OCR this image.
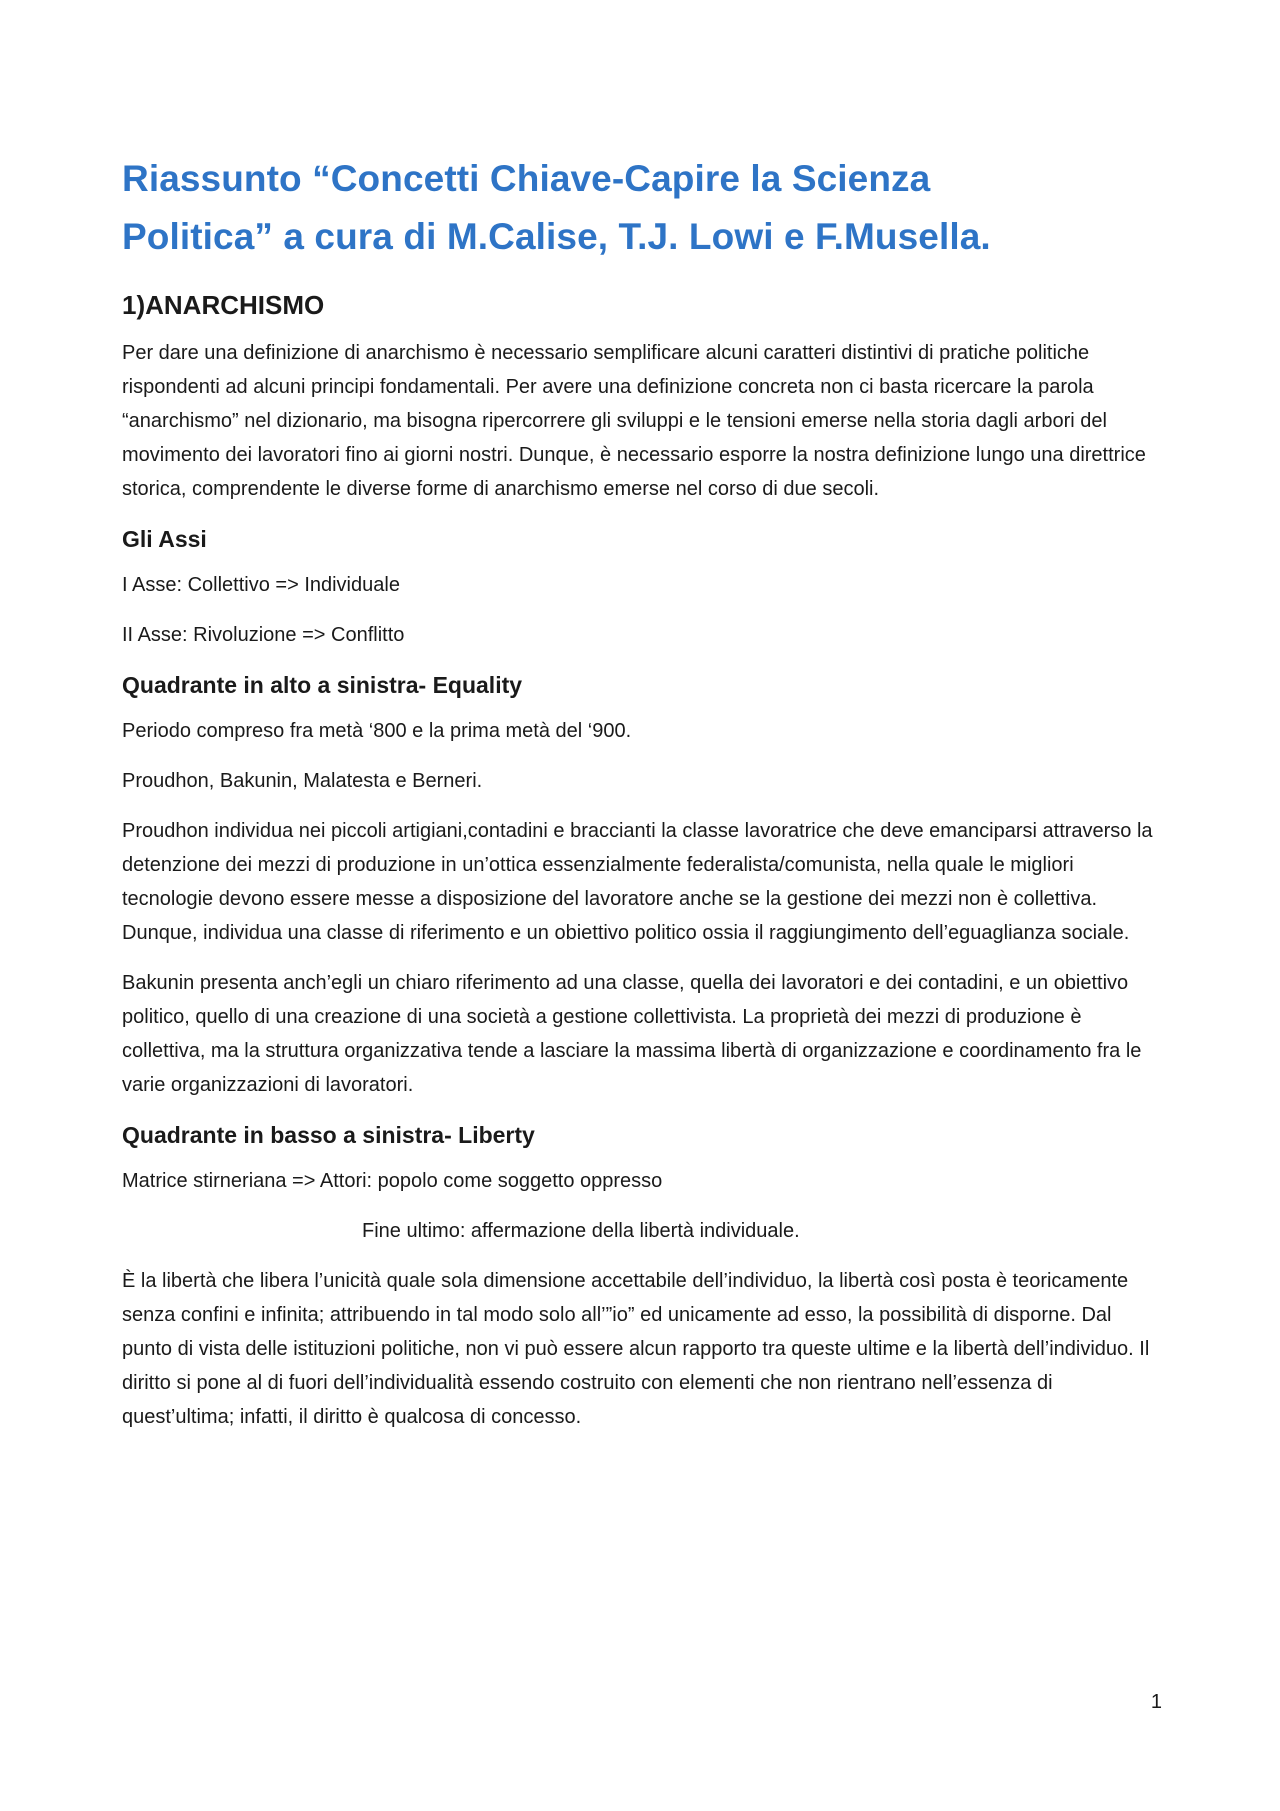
Riassunto “Concetti Chiave-Capire la Scienza
Politica” a cura di M.Calise, T.J. Lowi e F.Musella.
1)ANARCHISMO

Per dare una definizione di anarchismo è necessario semplificare alcuni caratteri distintivi di pratiche politiche rispondenti ad alcuni principi fondamentali. Per avere una definizione concreta non ci basta ricercare la parola “anarchismo” nel dizionario, ma bisogna ripercorrere gli sviluppi e le tensioni emerse nella storia dagli arbori del movimento dei lavoratori fino ai giorni nostri. Dunque, è necessario esporre la nostra definizione lungo una direttrice storica, comprendente le diverse forme di anarchismo emerse nel corso di due secoli.

Gli Assi

I Asse: Collettivo => Individuale

II Asse: Rivoluzione => Conflitto

Quadrante in alto a sinistra- Equality

Periodo compreso fra metà ‘800 e la prima metà del ‘900.

Proudhon, Bakunin, Malatesta e Berneri.

Proudhon individua nei piccoli artigiani,contadini e braccianti la classe lavoratrice che deve emanciparsi attraverso la detenzione dei mezzi di produzione in un’ottica essenzialmente federalista/comunista, nella quale le migliori tecnologie devono essere messe a disposizione del lavoratore anche se la gestione dei mezzi non è collettiva. Dunque, individua una classe di riferimento e un obiettivo politico ossia il raggiungimento dell’eguaglianza sociale.

Bakunin presenta anch’egli un chiaro riferimento ad una classe, quella dei lavoratori e dei contadini, e un obiettivo politico, quello di una creazione di una società a gestione collettivista. La proprietà dei mezzi di produzione è collettiva, ma la struttura organizzativa tende a lasciare la massima libertà di organizzazione e coordinamento fra le varie organizzazioni di lavoratori.

Quadrante in basso a sinistra- Liberty

Matrice stirneriana => Attori: popolo come soggetto oppresso

Fine ultimo: affermazione della libertà individuale.

È la libertà che libera l’unicità quale sola dimensione accettabile dell’individuo, la libertà così posta è teoricamente senza confini e infinita; attribuendo in tal modo solo all’”io” ed unicamente ad esso, la possibilità di disporne. Dal punto di vista delle istituzioni politiche, non vi può essere alcun rapporto tra queste ultime e la libertà dell’individuo. Il diritto si pone al di fuori dell’individualità essendo costruito con elementi che non rientrano nell’essenza di quest’ultima; infatti, il diritto è qualcosa di concesso.

1
